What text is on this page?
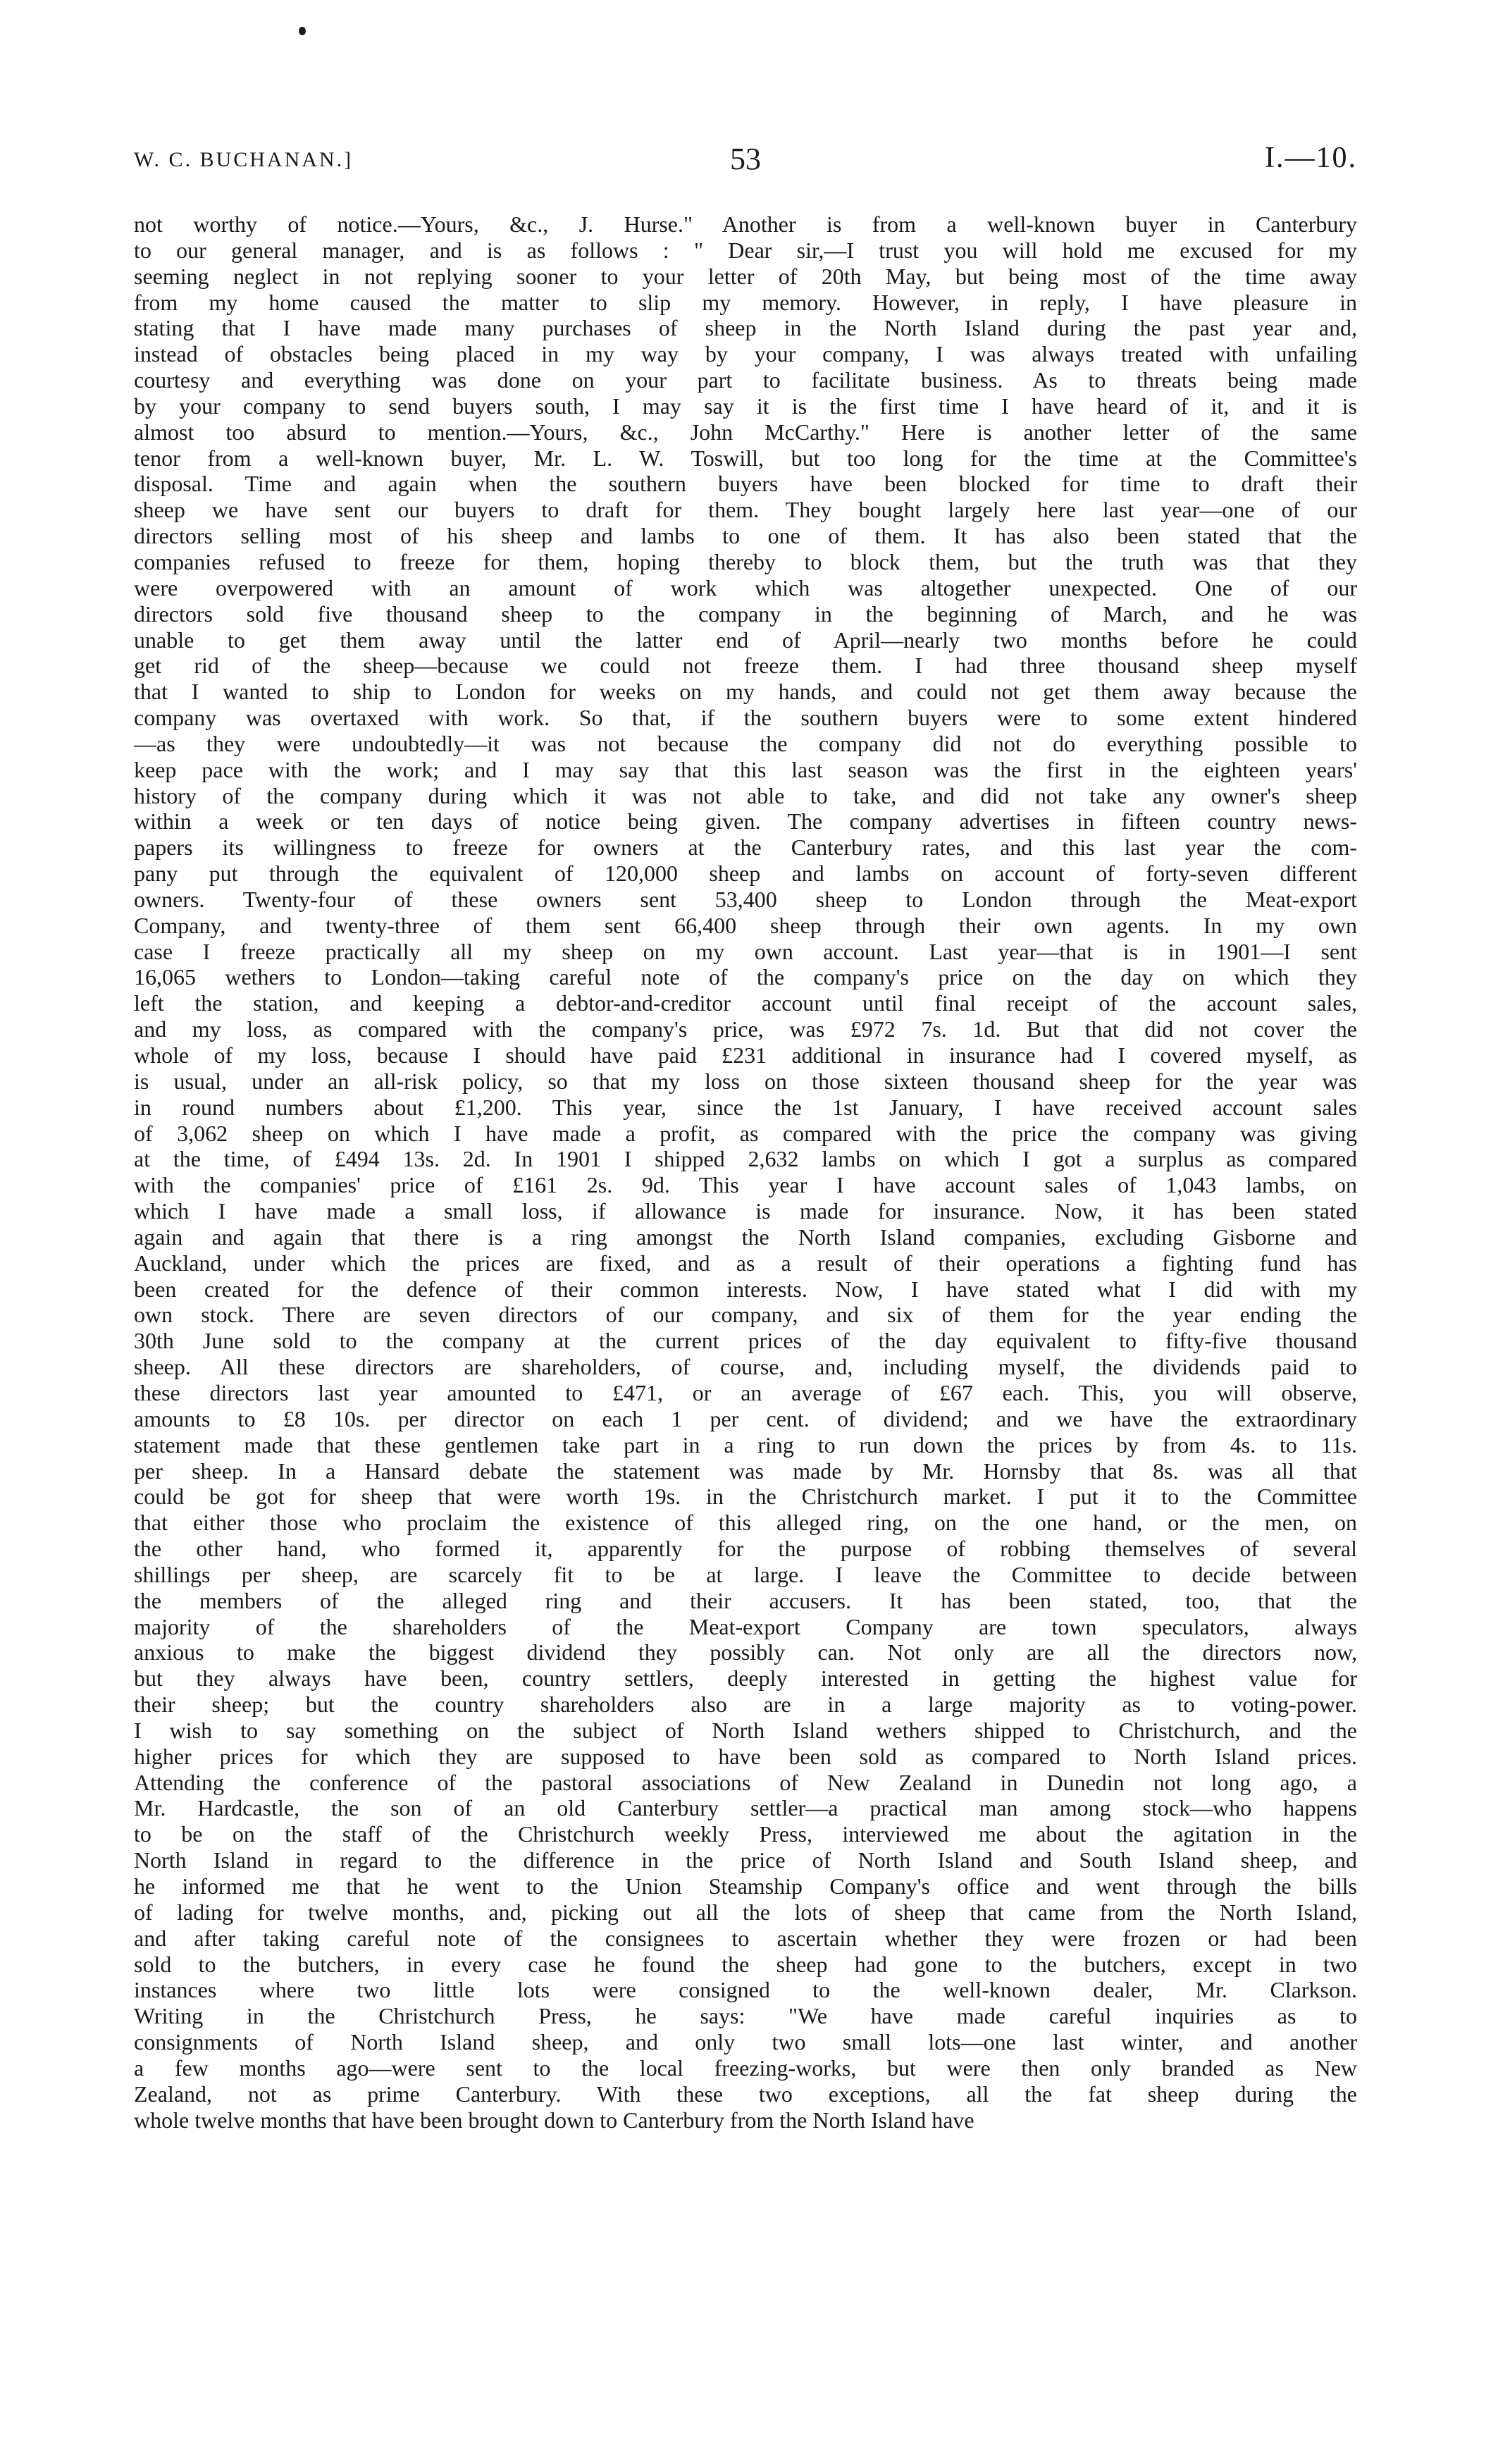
W. C. BUCHANAN.]	53	I.—10.
not worthy of notice.—Yours, &c., J. Hurse." Another is from a well-known buyer in Canterbury
to our general manager, and is as follows : " Dear sir,—I trust you will hold me excused for my
seeming neglect in not replying sooner to your letter of 20th May, but being most of the time away
from my home caused the matter to slip my memory. However, in reply, I have pleasure in
stating that I have made many purchases of sheep in the North Island during the past year and,
instead of obstacles being placed in my way by your company, I was always treated with unfailing
courtesy and everything was done on your part to facilitate business. As to threats being made
by your company to send buyers south, I may say it is the first time I have heard of it, and it is
almost too absurd to mention.—Yours, &c., John McCarthy." Here is another letter of the same
tenor from a well-known buyer, Mr. L. W. Toswill, but too long for the time at the Committee's
disposal. Time and again when the southern buyers have been blocked for time to draft their
sheep we have sent our buyers to draft for them. They bought largely here last year—one of our
directors selling most of his sheep and lambs to one of them. It has also been stated that the
companies refused to freeze for them, hoping thereby to block them, but the truth was that they
were overpowered with an amount of work which was altogether unexpected. One of our
directors sold five thousand sheep to the company in the beginning of March, and he was
unable to get them away until the latter end of April—nearly two months before he could
get rid of the sheep—because we could not freeze them. I had three thousand sheep myself
that I wanted to ship to London for weeks on my hands, and could not get them away because the
company was overtaxed with work. So that, if the southern buyers were to some extent hindered
—as they were undoubtedly—it was not because the company did not do everything possible to
keep pace with the work; and I may say that this last season was the first in the eighteen years'
history of the company during which it was not able to take, and did not take any owner's sheep
within a week or ten days of notice being given. The company advertises in fifteen country news-
papers its willingness to freeze for owners at the Canterbury rates, and this last year the com-
pany put through the equivalent of 120,000 sheep and lambs on account of forty-seven different
owners. Twenty-four of these owners sent 53,400 sheep to London through the Meat-export
Company, and twenty-three of them sent 66,400 sheep through their own agents. In my own
case I freeze practically all my sheep on my own account. Last year—that is in 1901—I sent
16,065 wethers to London—taking careful note of the company's price on the day on which they
left the station, and keeping a debtor-and-creditor account until final receipt of the account sales,
and my loss, as compared with the company's price, was £972 7s. 1d. But that did not cover the
whole of my loss, because I should have paid £231 additional in insurance had I covered myself, as
is usual, under an all-risk policy, so that my loss on those sixteen thousand sheep for the year was
in round numbers about £1,200. This year, since the 1st January, I have received account sales
of 3,062 sheep on which I have made a profit, as compared with the price the company was giving
at the time, of £494 13s. 2d. In 1901 I shipped 2,632 lambs on which I got a surplus as compared
with the companies' price of £161 2s. 9d. This year I have account sales of 1,043 lambs, on
which I have made a small loss, if allowance is made for insurance. Now, it has been stated
again and again that there is a ring amongst the North Island companies, excluding Gisborne and
Auckland, under which the prices are fixed, and as a result of their operations a fighting fund has
been created for the defence of their common interests. Now, I have stated what I did with my
own stock. There are seven directors of our company, and six of them for the year ending the
30th June sold to the company at the current prices of the day equivalent to fifty-five thousand
sheep. All these directors are shareholders, of course, and, including myself, the dividends paid to
these directors last year amounted to £471, or an average of £67 each. This, you will observe,
amounts to £8 10s. per director on each 1 per cent. of dividend; and we have the extraordinary
statement made that these gentlemen take part in a ring to run down the prices by from 4s. to 11s.
per sheep. In a Hansard debate the statement was made by Mr. Hornsby that 8s. was all that
could be got for sheep that were worth 19s. in the Christchurch market. I put it to the Committee
that either those who proclaim the existence of this alleged ring, on the one hand, or the men, on
the other hand, who formed it, apparently for the purpose of robbing themselves of several
shillings per sheep, are scarcely fit to be at large. I leave the Committee to decide between
the members of the alleged ring and their accusers. It has been stated, too, that the
majority of the shareholders of the Meat-export Company are town speculators, always
anxious to make the biggest dividend they possibly can. Not only are all the directors now,
but they always have been, country settlers, deeply interested in getting the highest value for
their sheep; but the country shareholders also are in a large majority as to voting-power.
I wish to say something on the subject of North Island wethers shipped to Christchurch, and the
higher prices for which they are supposed to have been sold as compared to North Island prices.
Attending the conference of the pastoral associations of New Zealand in Dunedin not long ago, a
Mr. Hardcastle, the son of an old Canterbury settler—a practical man among stock—who happens
to be on the staff of the Christchurch weekly Press, interviewed me about the agitation in the
North Island in regard to the difference in the price of North Island and South Island sheep, and
he informed me that he went to the Union Steamship Company's office and went through the bills
of lading for twelve months, and, picking out all the lots of sheep that came from the North Island,
and after taking careful note of the consignees to ascertain whether they were frozen or had been
sold to the butchers, in every case he found the sheep had gone to the butchers, except in two
instances where two little lots were consigned to the well-known dealer, Mr. Clarkson.
Writing in the Christchurch Press, he says: "We have made careful inquiries as to
consignments of North Island sheep, and only two small lots—one last winter, and another
a few months ago—were sent to the local freezing-works, but were then only branded as New
Zealand, not as prime Canterbury. With these two exceptions, all the fat sheep during the
whole twelve months that have been brought down to Canterbury from the North Island have
